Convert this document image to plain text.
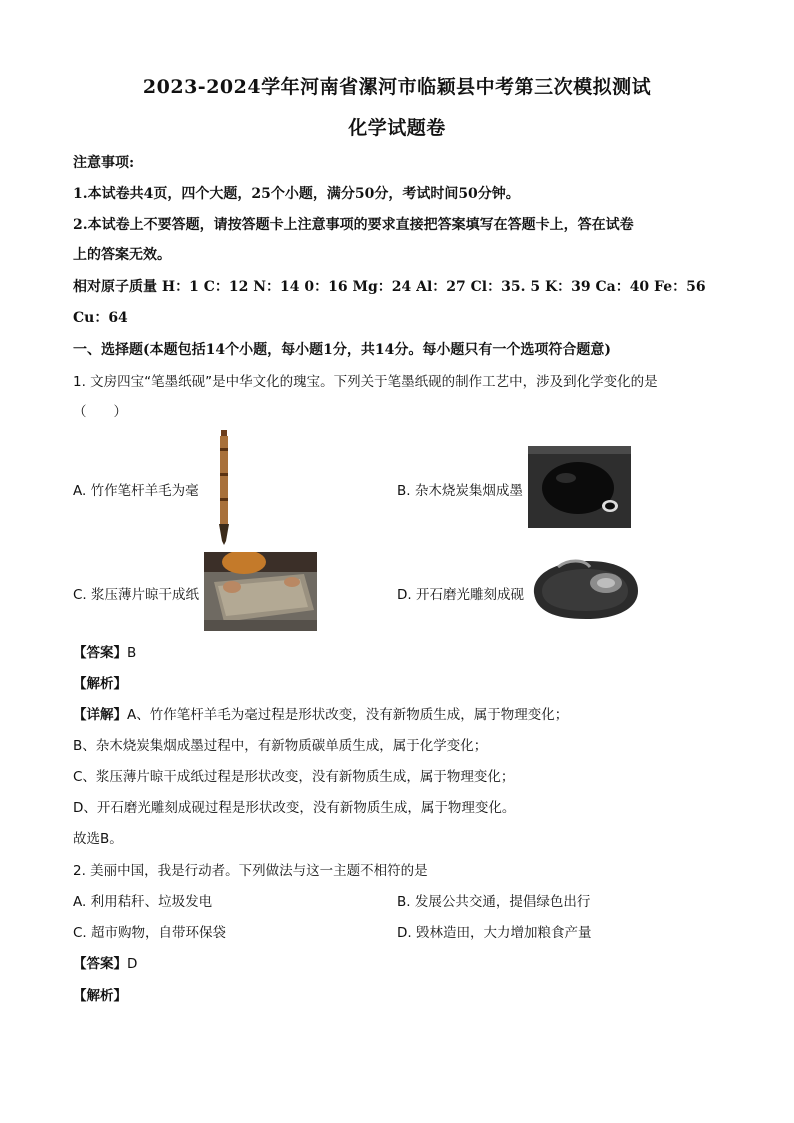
2023-2024学年河南省漯河市临颖县中考第三次模拟测试
化学试题卷
注意事项:
1.本试卷共4页，四个大题，25个小题，满分50分，考试时间50分钟。
2.本试卷上不要答题，请按答题卡上注意事项的要求直接把答案填写在答题卡上，答在试卷
上的答案无效。
相对原子质量 H：1 C：12 N：14 0：16 Mg：24 Al：27 Cl：35. 5 K：39 Ca：40 Fe：56
Cu：64
一、选择题(本题包括14个小题，每小题1分，共14分。每小题只有一个选项符合题意)
1. 文房四宝“笔墨纸砚”是中华文化的瑰宝。下列关于笔墨纸砚的制作工艺中，涉及到化学变化的是
（　　）
A. 竹作笔杆羊毛为毫	B. 杂木烧炭集烟成墨
C. 浆压薄片晾干成纸	D. 开石磨光雕刻成砚
【答案】B
【解析】
【详解】A、竹作笔杆羊毛为毫过程是形状改变，没有新物质生成，属于物理变化；
B、杂木烧炭集烟成墨过程中，有新物质碳单质生成，属于化学变化；
C、浆压薄片晾干成纸过程是形状改变，没有新物质生成，属于物理变化；
D、开石磨光雕刻成砚过程是形状改变，没有新物质生成，属于物理变化。
故选B。
2. 美丽中国，我是行动者。下列做法与这一主题不相符的是
A. 利用秸秆、垃圾发电	B. 发展公共交通，提倡绿色出行
C. 超市购物，自带环保袋	D. 毁林造田，大力增加粮食产量
【答案】D
【解析】
